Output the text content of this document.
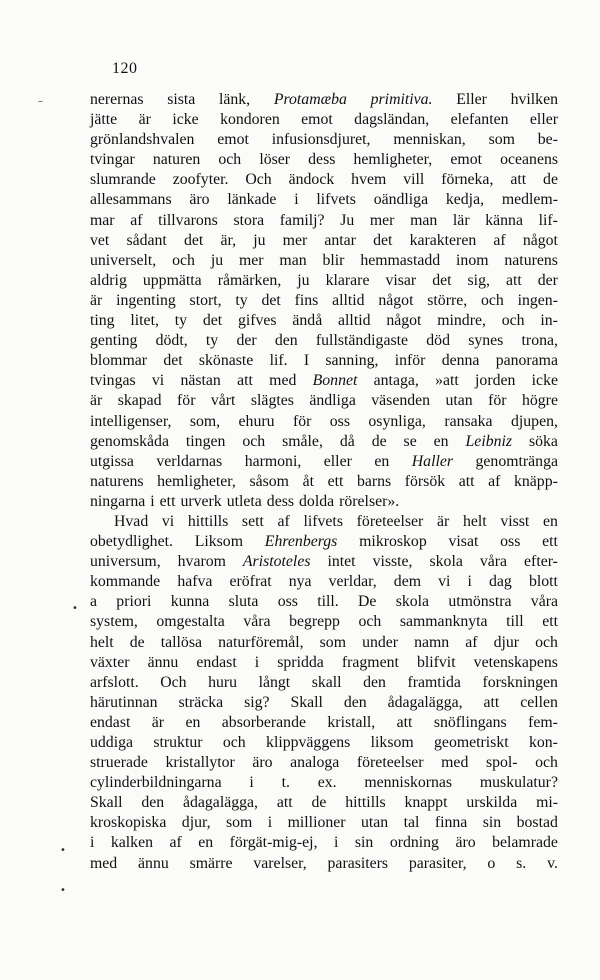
120
nerernas sista länk, Protamæba primitiva. Eller hvilken
jätte är icke kondoren emot dagsländan, elefanten eller
grönlandshvalen emot infusionsdjuret, menniskan, som be-
tvingar naturen och löser dess hemligheter, emot oceanens
slumrande zoofyter. Och ändock hvem vill förneka, att de
allesammans äro länkade i lifvets oändliga kedja, medlem-
mar af tillvarons stora familj? Ju mer man lär känna lif-
vet sådant det är, ju mer antar det karakteren af något
universelt, och ju mer man blir hemmastadd inom naturens
aldrig uppmätta råmärken, ju klarare visar det sig, att der
är ingenting stort, ty det fins alltid något större, och ingen-
ting litet, ty det gifves ändå alltid något mindre, och in-
genting dödt, ty der den fullständigaste död synes trona,
blommar det skönaste lif. I sanning, inför denna panorama
tvingas vi nästan att med Bonnet antaga, »att jorden icke
är skapad för vårt slägtes ändliga väsenden utan för högre
intelligenser, som, ehuru för oss osynliga, ransaka djupen,
genomskåda tingen och småle, då de se en Leibniz söka
utgissa verldarnas harmoni, eller en Haller genomtränga
naturens hemligheter, såsom åt ett barns försök att af knäpp-
ningarna i ett urverk utleta dess dolda rörelser».
Hvad vi hittills sett af lifvets företeelser är helt visst en
obetydlighet. Liksom Ehrenbergs mikroskop visat oss ett
universum, hvarom Aristoteles intet visste, skola våra efter-
kommande hafva eröfrat nya verldar, dem vi i dag blott
a priori kunna sluta oss till. De skola utmönstra våra
system, omgestalta våra begrepp och sammanknyta till ett
helt de tallösa naturföremål, som under namn af djur och
växter ännu endast i spridda fragment blifvit vetenskapens
arfslott. Och huru långt skall den framtida forskningen
härutinnan sträcka sig? Skall den ådagalägga, att cellen
endast är en absorberande kristall, att snöflingans fem-
uddiga struktur och klippväggens liksom geometriskt kon-
struerade kristallytor äro analoga företeelser med spol- och
cylinderbildningarna i t. ex. menniskornas muskulatur?
Skall den ådagalägga, att de hittills knappt urskilda mi-
kroskopiska djur, som i millioner utan tal finna sin bostad
i kalken af en förgät-mig-ej, i sin ordning äro belamrade
med ännu smärre varelser, parasiters parasiter, o s. v.
–
•
•
•
